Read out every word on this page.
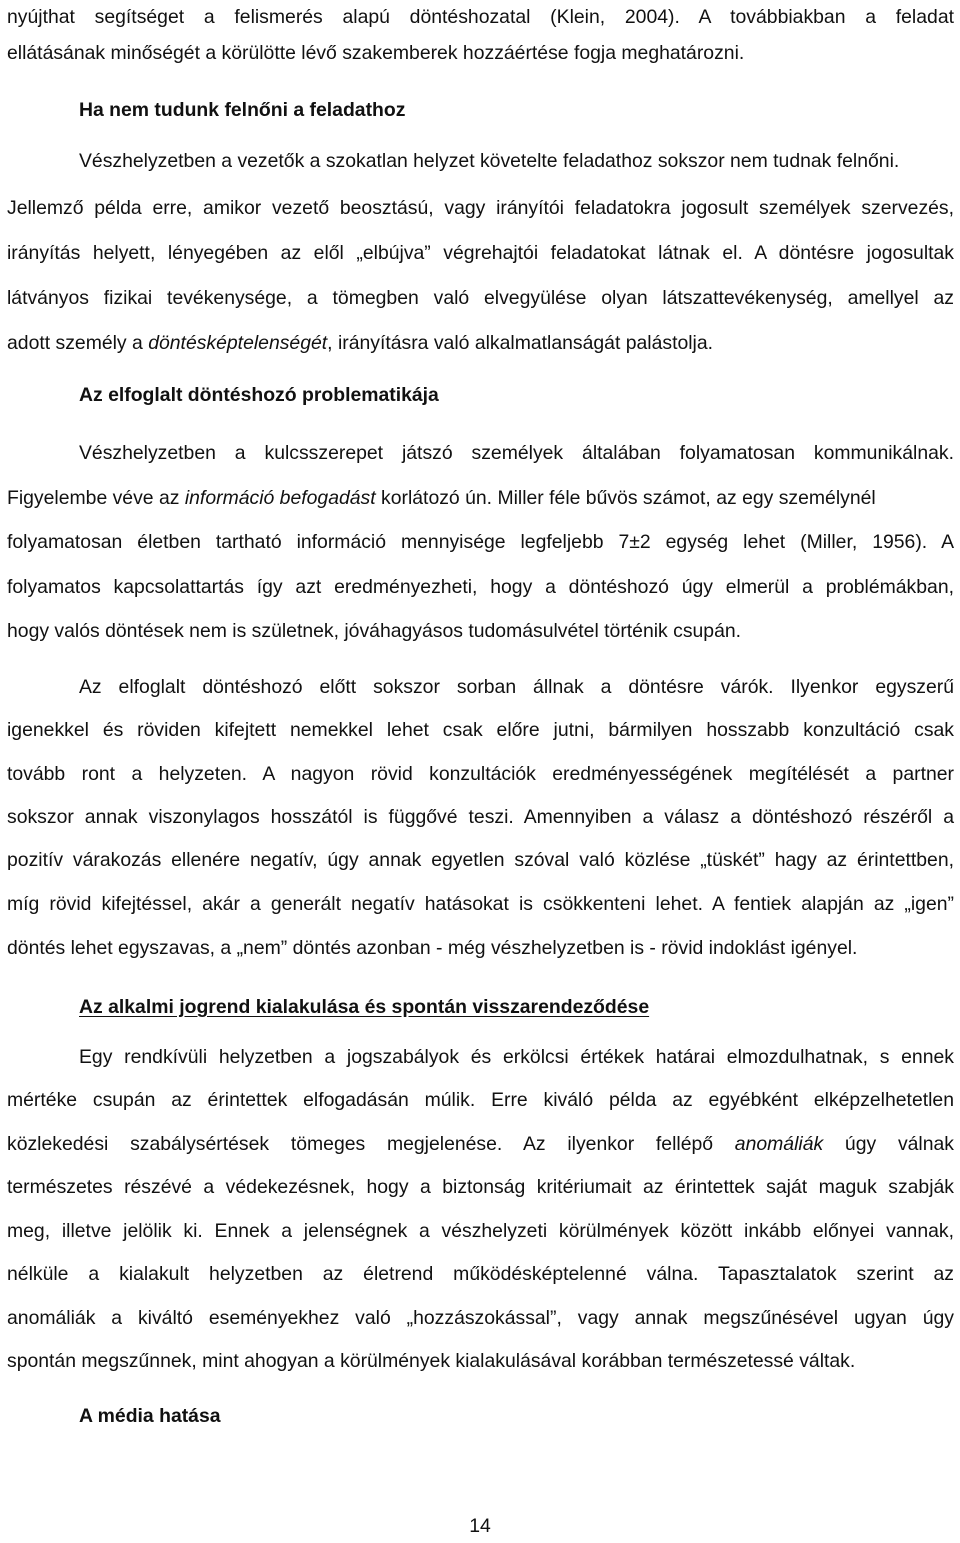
nyújthat segítséget a felismerés alapú döntéshozatal (Klein, 2004). A továbbiakban a feladat
ellátásának minőségét a körülötte lévő szakemberek hozzáértése fogja meghatározni.
Ha nem tudunk felnőni a feladathoz
Vészhelyzetben a vezetők a szokatlan helyzet követelte feladathoz sokszor nem tudnak felnőni.
Jellemző példa erre, amikor vezető beosztású, vagy irányítói feladatokra jogosult személyek szervezés,
irányítás helyett, lényegében az elől „elbújva” végrehajtói feladatokat látnak el. A döntésre jogosultak
látványos fizikai tevékenysége, a tömegben való elvegyülése olyan látszattevékenység, amellyel az
adott személy a döntésképtelenségét, irányításra való alkalmatlanságát palástolja.
Az elfoglalt döntéshozó problematikája
Vészhelyzetben a kulcsszerepet játszó személyek általában folyamatosan kommunikálnak.
Figyelembe véve az információ befogadást korlátozó ún. Miller féle bűvös számot, az egy személynél
folyamatosan életben tartható információ mennyisége legfeljebb 7±2 egység lehet (Miller, 1956). A
folyamatos kapcsolattartás így azt eredményezheti, hogy a döntéshozó úgy elmerül a problémákban,
hogy valós döntések nem is születnek, jóváhagyásos tudomásulvétel történik csupán.
Az elfoglalt döntéshozó előtt sokszor sorban állnak a döntésre várók. Ilyenkor egyszerű
igenekkel és röviden kifejtett nemekkel lehet csak előre jutni, bármilyen hosszabb konzultáció csak
tovább ront a helyzeten. A nagyon rövid konzultációk eredményességének megítélését a partner
sokszor annak viszonylagos hosszától is függővé teszi. Amennyiben a válasz a döntéshozó részéről a
pozitív várakozás ellenére negatív, úgy annak egyetlen szóval való közlése „tüskét” hagy az érintettben,
míg rövid kifejtéssel, akár a generált negatív hatásokat is csökkenteni lehet. A fentiek alapján az „igen”
döntés lehet egyszavas, a „nem” döntés azonban - még vészhelyzetben is - rövid indoklást igényel.
Az alkalmi jogrend kialakulása és spontán visszarendeződése
Egy rendkívüli helyzetben a jogszabályok és erkölcsi értékek határai elmozdulhatnak, s ennek
mértéke csupán az érintettek elfogadásán múlik. Erre kiváló példa az egyébként elképzelhetetlen
közlekedési szabálysértések tömeges megjelenése. Az ilyenkor fellépő anomáliák úgy válnak
természetes részévé a védekezésnek, hogy a biztonság kritériumait az érintettek saját maguk szabják
meg, illetve jelölik ki. Ennek a jelenségnek a vészhelyzeti körülmények között inkább előnyei vannak,
nélküle a kialakult helyzetben az életrend működésképtelenné válna. Tapasztalatok szerint az
anomáliák a kiváltó eseményekhez való „hozzászokással”, vagy annak megszűnésével ugyan úgy
spontán megszűnnek, mint ahogyan a körülmények kialakulásával korábban természetessé váltak.
A média hatása
14
